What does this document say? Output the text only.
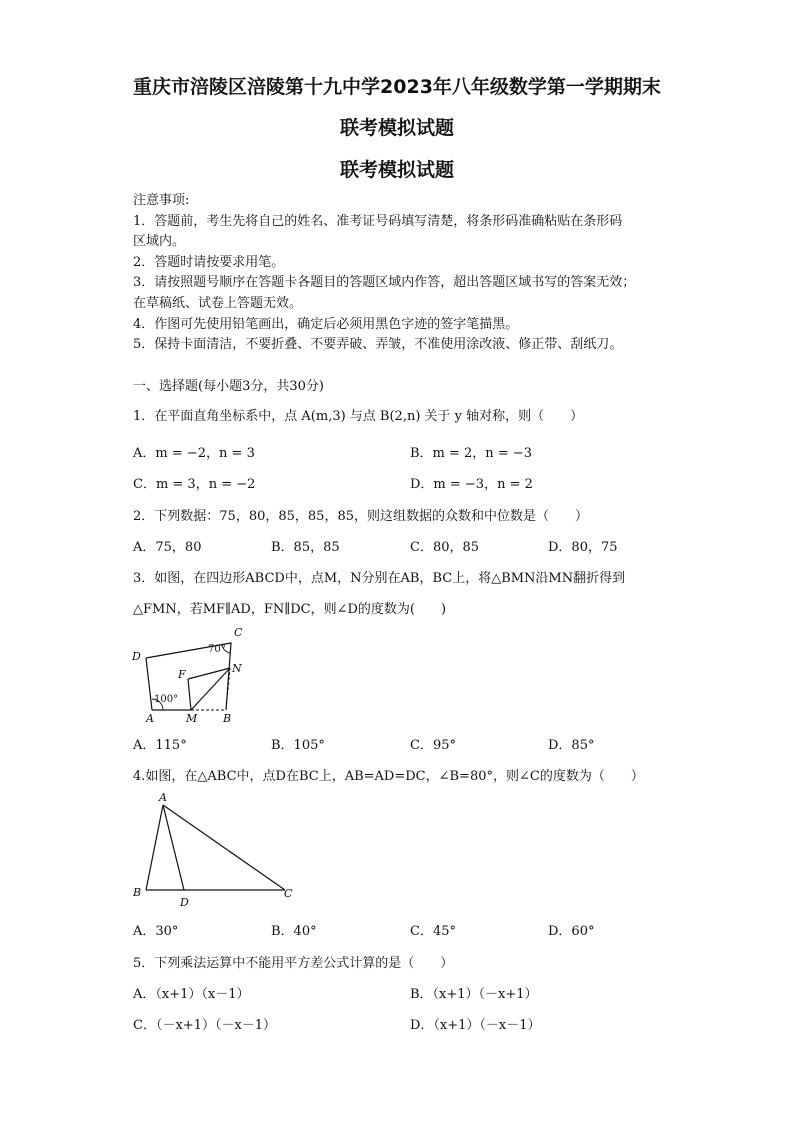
重庆市涪陵区涪陵第十九中学2023年八年级数学第一学期期末
联考模拟试题
联考模拟试题
注意事项:
1．答题前，考生先将自己的姓名、准考证号码填写清楚，将条形码准确粘贴在条形码
区域内。
2．答题时请按要求用笔。
3．请按照题号顺序在答题卡各题目的答题区域内作答，超出答题区域书写的答案无效；
在草稿纸、试卷上答题无效。
4．作图可先使用铅笔画出，确定后必须用黑色字迹的签字笔描黑。
5．保持卡面清洁，不要折叠、不要弄破、弄皱，不准使用涂改液、修正带、刮纸刀。
一、选择题(每小题3分，共30分)
1．在平面直角坐标系中，点 A(m,3) 与点 B(2,n) 关于 y 轴对称，则（　　）
A．m = −2，n = 3	B．m = 2，n = −3
C．m = 3，n = −2	D．m = −3，n = 2
2．下列数据：75，80，85，85，85，则这组数据的众数和中位数是（　　）
A．75，80	B．85，85	C．80，85	D．80，75
3．如图，在四边形ABCD中，点M，N分别在AB，BC上，将△BMN沿MN翻折得到
△FMN，若MF∥AD，FN∥DC，则∠D的度数为(　　)
C
D
N
F
A	M B
70°
100°
A．115°	B．105°	C．95°	D．85°
4.如图，在△ABC中，点D在BC上，AB=AD=DC，∠B=80°，则∠C的度数为（　　）
A
B
D
C
A．30°	B．40°	C．45°	D．60°
5．下列乘法运算中不能用平方差公式计算的是（　　）
A．（x+1）（x－1）	B．（x+1）（－x+1）
C．（－x+1）（－x－1）	D．（x+1）（－x－1）
